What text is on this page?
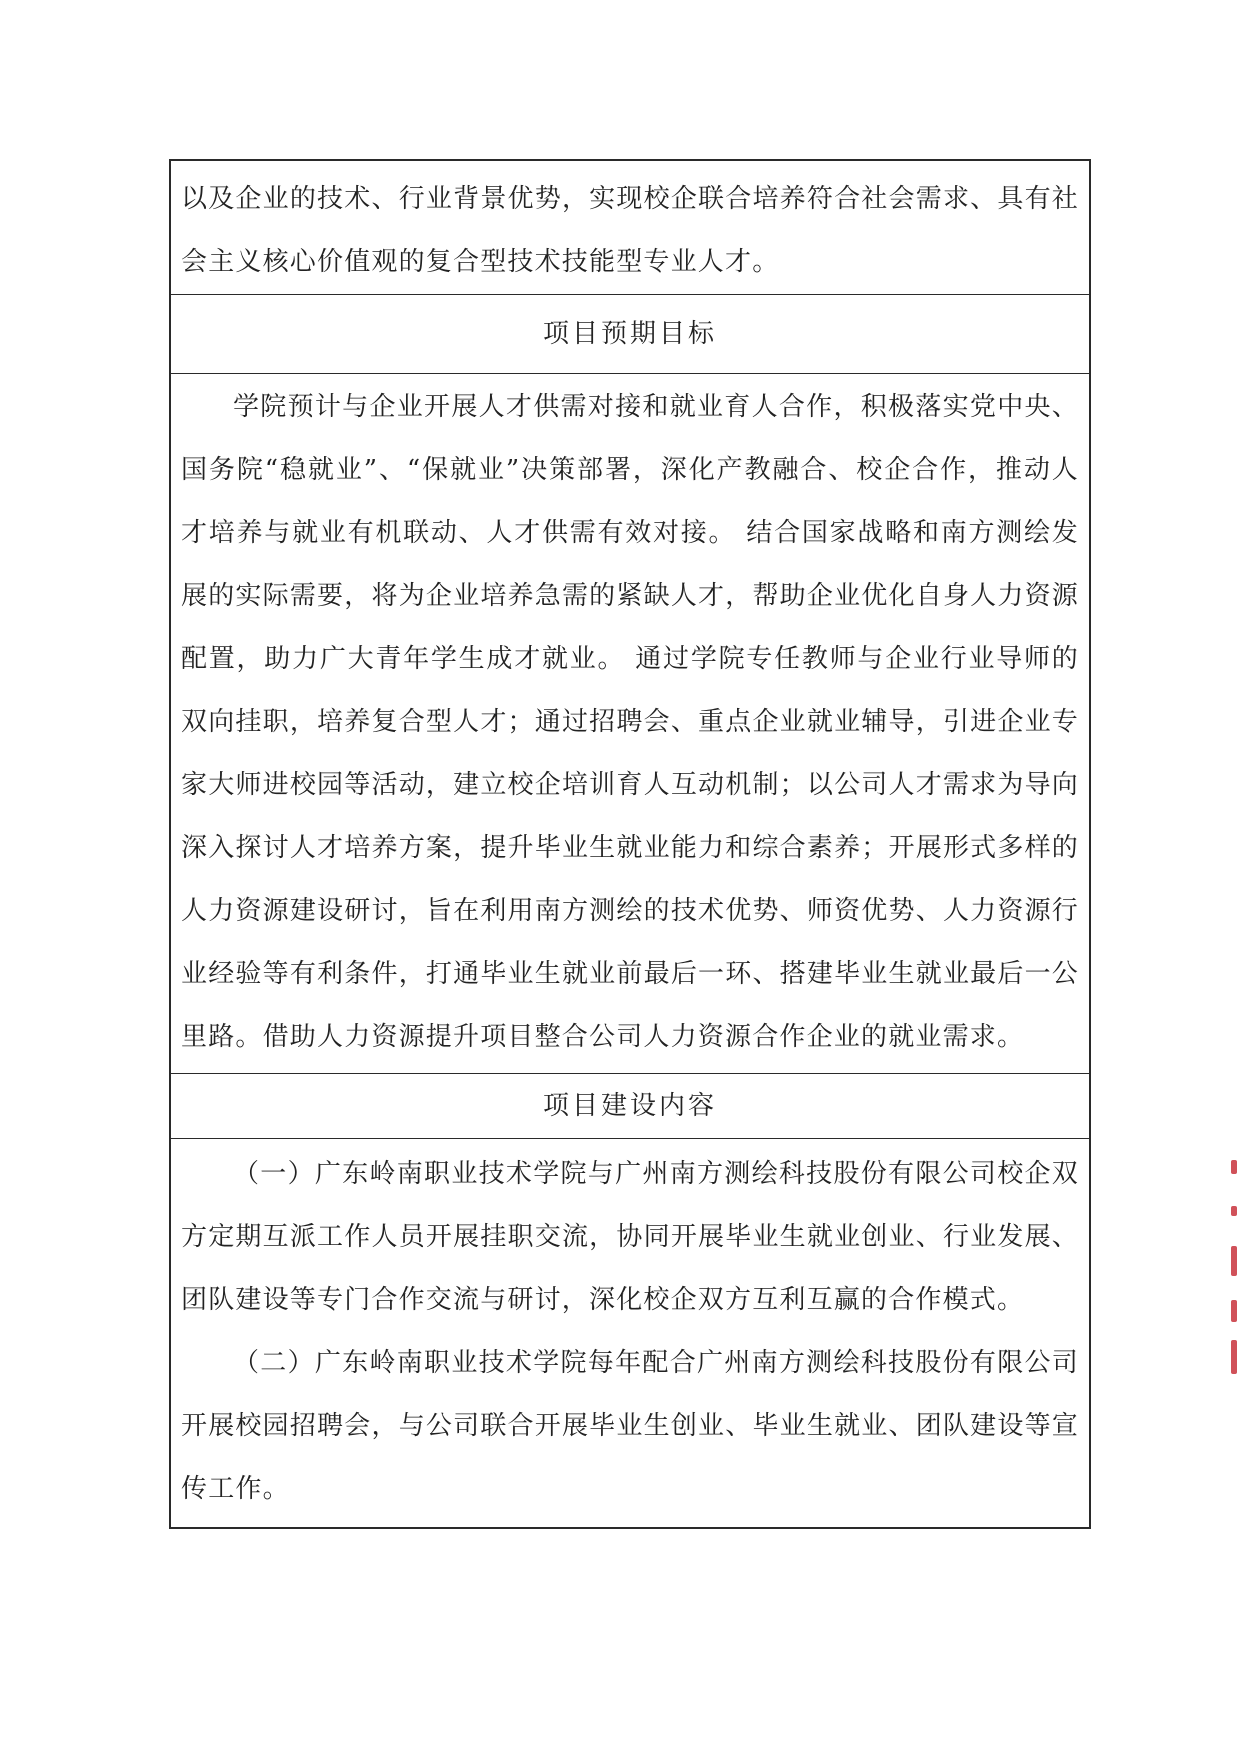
以及企业的技术、行业背景优势，实现校企联合培养符合社会需求、具有社会主义核心价值观的复合型技术技能型专业人才。

项目预期目标

学院预计与企业开展人才供需对接和就业育人合作，积极落实党中央、国务院“稳就业”、“保就业”决策部署，深化产教融合、校企合作，推动人才培养与就业有机联动、人才供需有效对接。 结合国家战略和南方测绘发展的实际需要，将为企业培养急需的紧缺人才，帮助企业优化自身人力资源配置，助力广大青年学生成才就业。 通过学院专任教师与企业行业导师的双向挂职，培养复合型人才；通过招聘会、重点企业就业辅导，引进企业专家大师进校园等活动，建立校企培训育人互动机制；以公司人才需求为导向深入探讨人才培养方案，提升毕业生就业能力和综合素养；开展形式多样的人力资源建设研讨，旨在利用南方测绘的技术优势、师资优势、人力资源行业经验等有利条件，打通毕业生就业前最后一环、搭建毕业生就业最后一公里路。借助人力资源提升项目整合公司人力资源合作企业的就业需求。

项目建设内容

（一）广东岭南职业技术学院与广州南方测绘科技股份有限公司校企双方定期互派工作人员开展挂职交流，协同开展毕业生就业创业、行业发展、团队建设等专门合作交流与研讨，深化校企双方互利互赢的合作模式。

（二）广东岭南职业技术学院每年配合广州南方测绘科技股份有限公司开展校园招聘会，与公司联合开展毕业生创业、毕业生就业、团队建设等宣传工作。
